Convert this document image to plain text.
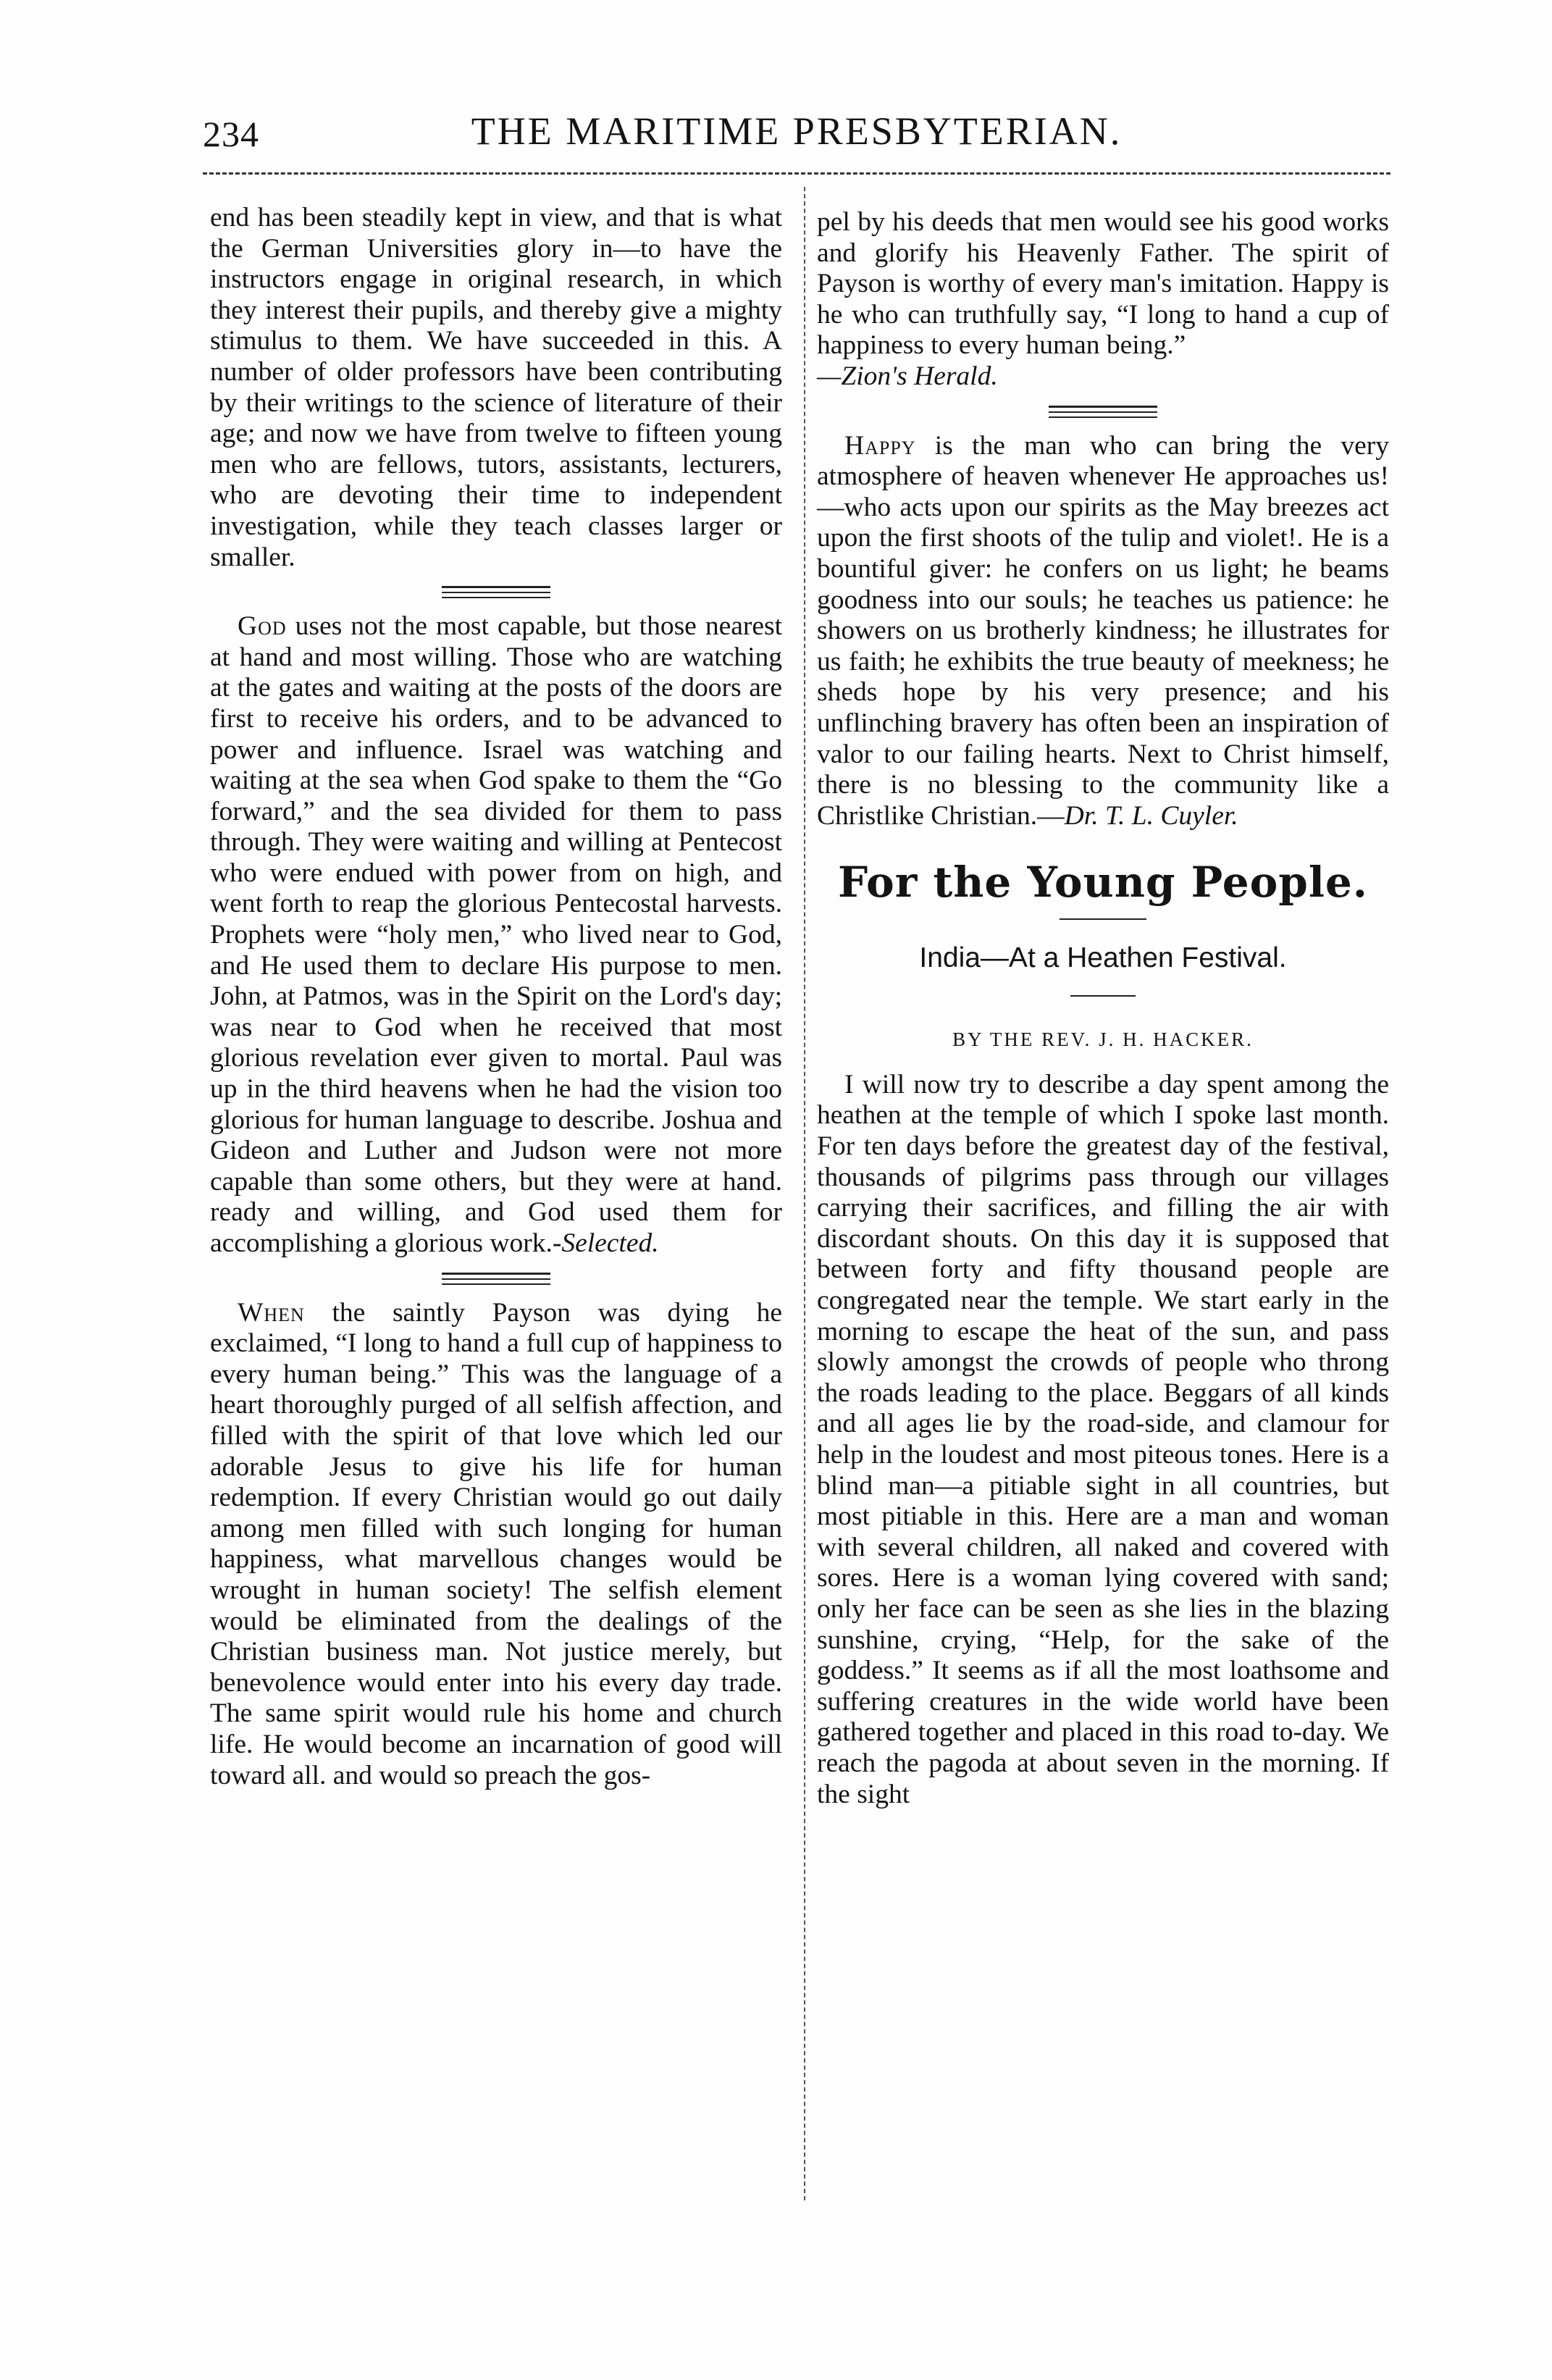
234	THE MARITIME PRESBYTERIAN.

end has been steadily kept in view, and that is what the German Universities glory in—to have the instructors engage in original research, in which they interest their pupils, and thereby give a mighty stimulus to them. We have succeeded in this. A number of older professors have been contributing by their writings to the science of literature of their age; and now we have from twelve to fifteen young men who are fellows, tutors, assistants, lecturers, who are devoting their time to independent investigation, while they teach classes larger or smaller.

God uses not the most capable, but those nearest at hand and most willing. Those who are watching at the gates and waiting at the posts of the doors are first to receive his orders, and to be advanced to power and influence. Israel was watching and waiting at the sea when God spake to them the “Go forward,” and the sea divided for them to pass through. They were waiting and willing at Pentecost who were endued with power from on high, and went forth to reap the glorious Pentecostal harvests. Prophets were “holy men,” who lived near to God, and He used them to declare His purpose to men. John, at Patmos, was in the Spirit on the Lord's day; was near to God when he received that most glorious revelation ever given to mortal. Paul was up in the third heavens when he had the vision too glorious for human language to describe. Joshua and Gideon and Luther and Judson were not more capable than some others, but they were at hand. ready and willing, and God used them for accomplishing a glorious work.-Selected.

When the saintly Payson was dying he exclaimed, “I long to hand a full cup of happiness to every human being.” This was the language of a heart thoroughly purged of all selfish affection, and filled with the spirit of that love which led our adorable Jesus to give his life for human redemption. If every Christian would go out daily among men filled with such longing for human happiness, what marvellous changes would be wrought in human society! The selfish element would be eliminated from the dealings of the Christian business man. Not justice merely, but benevolence would enter into his every day trade. The same spirit would rule his home and church life. He would become an incarnation of good will toward all. and would so preach the gos-

pel by his deeds that men would see his good works and glorify his Heavenly Father. The spirit of Payson is worthy of every man's imitation. Happy is he who can truthfully say, “I long to hand a cup of happiness to every human being.”
—Zion's Herald.

Happy is the man who can bring the very atmosphere of heaven whenever He approaches us!—who acts upon our spirits as the May breezes act upon the first shoots of the tulip and violet!. He is a bountiful giver: he confers on us light; he beams goodness into our souls; he teaches us patience: he showers on us brotherly kindness; he illustrates for us faith; he exhibits the true beauty of meekness; he sheds hope by his very presence; and his unflinching bravery has often been an inspiration of valor to our failing hearts. Next to Christ himself, there is no blessing to the community like a Christlike Christian.—Dr. T. L. Cuyler.

For the Young People.
India—At a Heathen Festival.
BY THE REV. J. H. HACKER.

I will now try to describe a day spent among the heathen at the temple of which I spoke last month. For ten days before the greatest day of the festival, thousands of pilgrims pass through our villages carrying their sacrifices, and filling the air with discordant shouts. On this day it is supposed that between forty and fifty thousand people are congregated near the temple. We start early in the morning to escape the heat of the sun, and pass slowly amongst the crowds of people who throng the roads leading to the place. Beggars of all kinds and all ages lie by the road-side, and clamour for help in the loudest and most piteous tones. Here is a blind man—a pitiable sight in all countries, but most pitiable in this. Here are a man and woman with several children, all naked and covered with sores. Here is a woman lying covered with sand; only her face can be seen as she lies in the blazing sunshine, crying, “Help, for the sake of the goddess.” It seems as if all the most loathsome and suffering creatures in the wide world have been gathered together and placed in this road to-day. We reach the pagoda at about seven in the morning. If the sight
